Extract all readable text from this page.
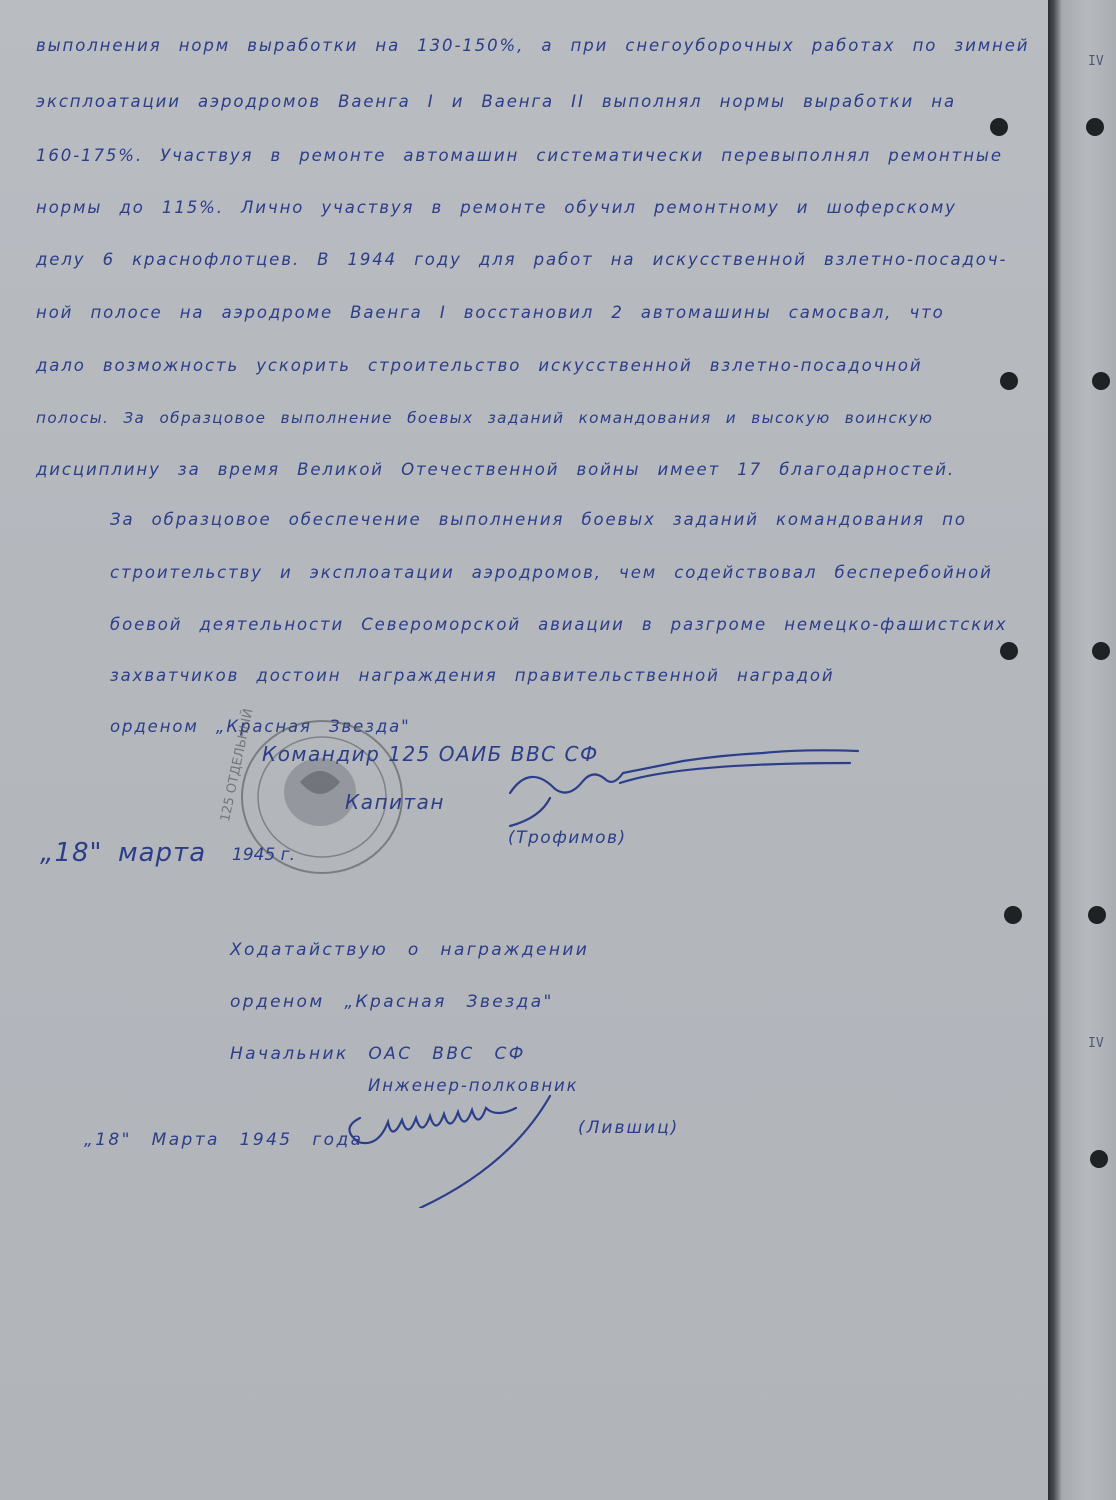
выполнения норм выработки на 130-150%, а при снегоуборочных работах по зимней
эксплоатации аэродромов Ваенга I и Ваенга II выполнял нормы выработки на
160-175%. Участвуя в ремонте автомашин систематически перевыполнял ремонтные
нормы до 115%. Лично участвуя в ремонте обучил ремонтному и шоферскому
делу 6 краснофлотцев. В 1944 году для работ на искусственной взлетно-посадоч-
ной полосе на аэродроме Ваенга I восстановил 2 автомашины самосвал, что
дало возможность ускорить строительство искусственной взлетно-посадочной
полосы. За образцовое выполнение боевых заданий командования и высокую воинскую
дисциплину за время Великой Отечественной войны имеет 17 благодарностей.
За образцовое обеспечение выполнения боевых заданий командования по
строительству и эксплоатации аэродромов, чем содействовал бесперебойной
боевой деятельности Североморской авиации в разгроме немецко-фашистских
захватчиков достоин награждения правительственной наградой
орденом „Красная Звезда"
125 ОТДЕЛЬНЫЙ Командир 125 ОАИБ ВВС СФ
Капитан
(Трофимов)
„18" марта 1945 г.
Ходатайствую о награждении
орденом „Красная Звезда"
Начальник ОАС ВВС СФ
Инженер-полковник
(Лившиц)
„18" Марта 1945 года
IV
IV
